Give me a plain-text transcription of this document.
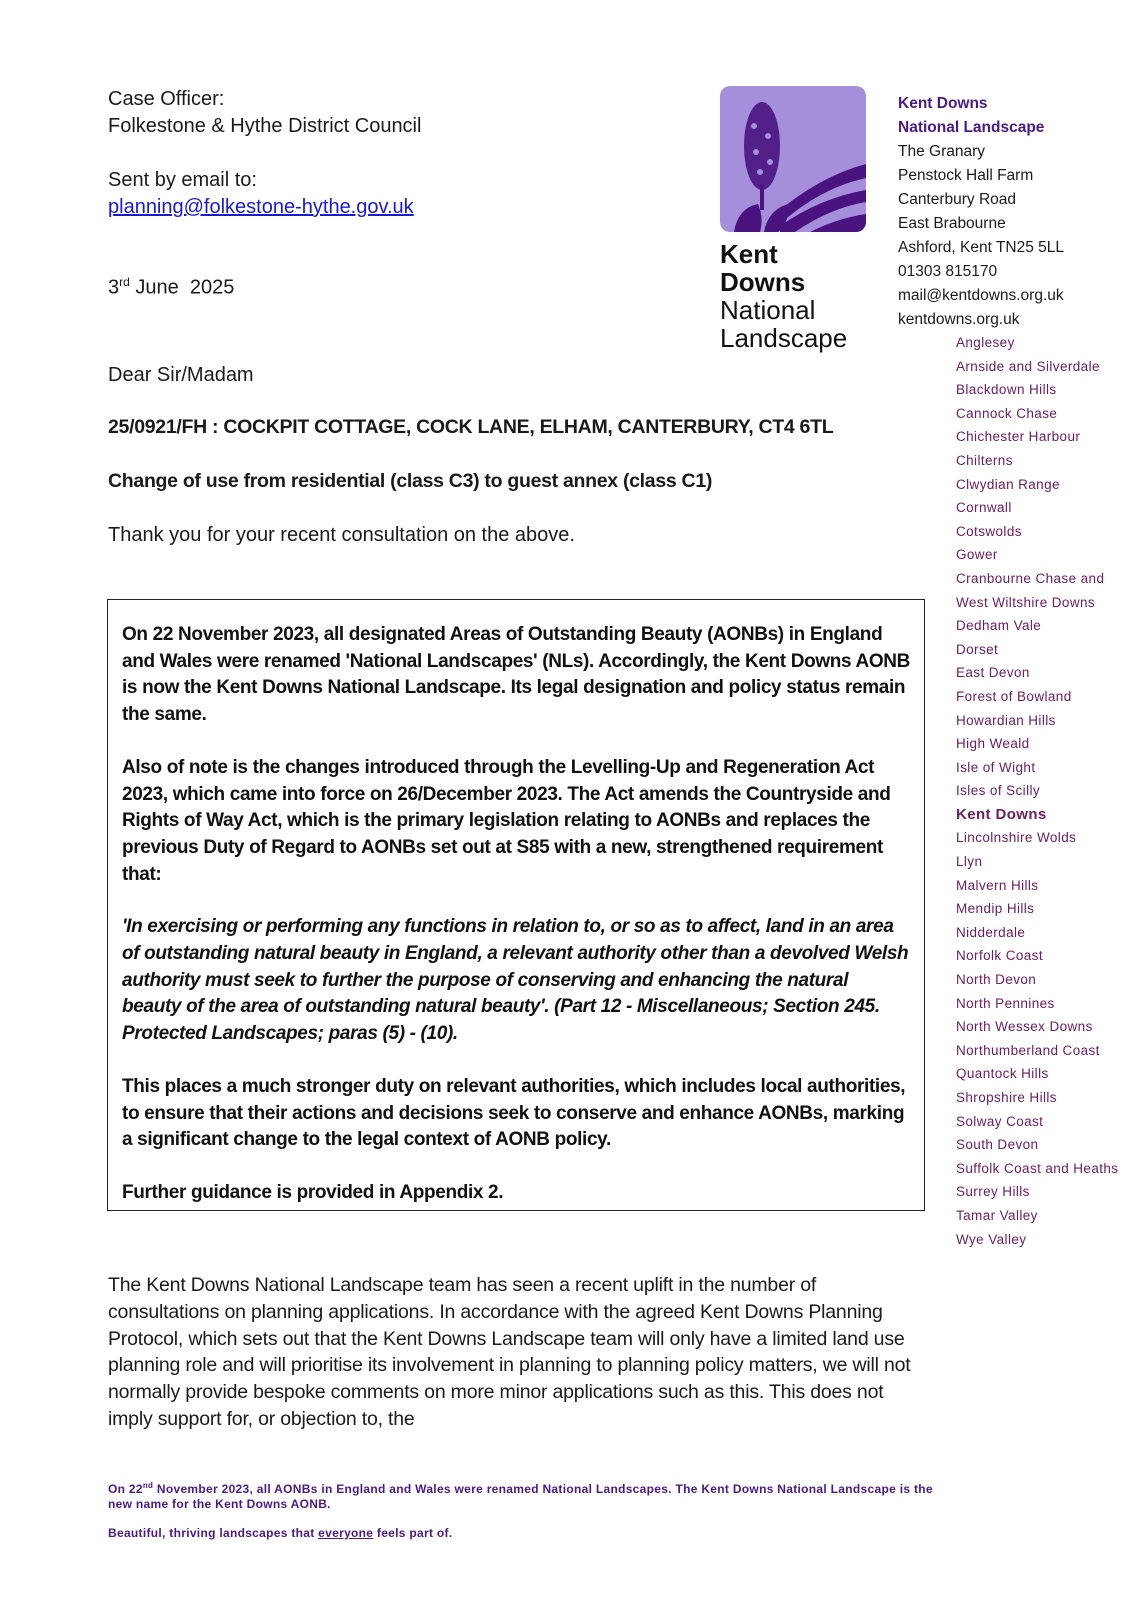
Case Officer:
Folkestone & Hythe District Council
Sent by email to:
planning@folkestone-hythe.gov.uk
3rd June  2025
Kent Downs
National
Landscape
Kent Downs
National Landscape
The Granary
Penstock Hall Farm
Canterbury Road
East Brabourne
Ashford, Kent TN25 5LL
01303 815170
mail@kentdowns.org.uk
kentdowns.org.uk
Anglesey
Arnside and Silverdale
Blackdown Hills
Cannock Chase
Chichester Harbour
Chilterns
Clwydian Range
Cornwall
Cotswolds
Gower
Cranbourne Chase and
West Wiltshire Downs
Dedham Vale
Dorset
East Devon
Forest of Bowland
Howardian Hills
High Weald
Isle of Wight
Isles of Scilly
Kent Downs
Lincolnshire Wolds
Llyn
Malvern Hills
Mendip Hills
Nidderdale
Norfolk Coast
North Devon
North Pennines
North Wessex Downs
Northumberland Coast
Quantock Hills
Shropshire Hills
Solway Coast
South Devon
Suffolk Coast and Heaths
Surrey Hills
Tamar Valley
Wye Valley
Dear Sir/Madam
25/0921/FH : COCKPIT COTTAGE, COCK LANE, ELHAM, CANTERBURY, CT4 6TL
Change of use from residential (class C3) to guest annex (class C1)
Thank you for your recent consultation on the above.

On 22 November 2023, all designated Areas of Outstanding Beauty (AONBs) in England and Wales were renamed 'National Landscapes' (NLs). Accordingly, the Kent Downs AONB is now the Kent Downs National Landscape. Its legal designation and policy status remain the same.

Also of note is the changes introduced through the Levelling-Up and Regeneration Act 2023, which came into force on 26/December 2023. The Act amends the Countryside and Rights of Way Act, which is the primary legislation relating to AONBs and replaces the previous Duty of Regard to AONBs set out at S85 with a new, strengthened requirement that:

'In exercising or performing any functions in relation to, or so as to affect, land in an area of outstanding natural beauty in England, a relevant authority other than a devolved Welsh authority must seek to further the purpose of conserving and enhancing the natural beauty of the area of outstanding natural beauty'. (Part 12 - Miscellaneous; Section 245. Protected Landscapes; paras (5) - (10).

This places a much stronger duty on relevant authorities, which includes local authorities, to ensure that their actions and decisions seek to conserve and enhance AONBs, marking a significant change to the legal context of AONB policy.

Further guidance is provided in Appendix 2.

The Kent Downs National Landscape team has seen a recent uplift in the number of consultations on planning applications. In accordance with the agreed Kent Downs Planning Protocol, which sets out that the Kent Downs Landscape team will only have a limited land use planning role and will prioritise its involvement in planning to planning policy matters, we will not normally provide bespoke comments on more minor applications such as this. This does not imply support for, or objection to, the
On 22nd November 2023, all AONBs in England and Wales were renamed National Landscapes. The Kent Downs National Landscape is the new name for the Kent Downs AONB.
Beautiful, thriving landscapes that everyone feels part of.
